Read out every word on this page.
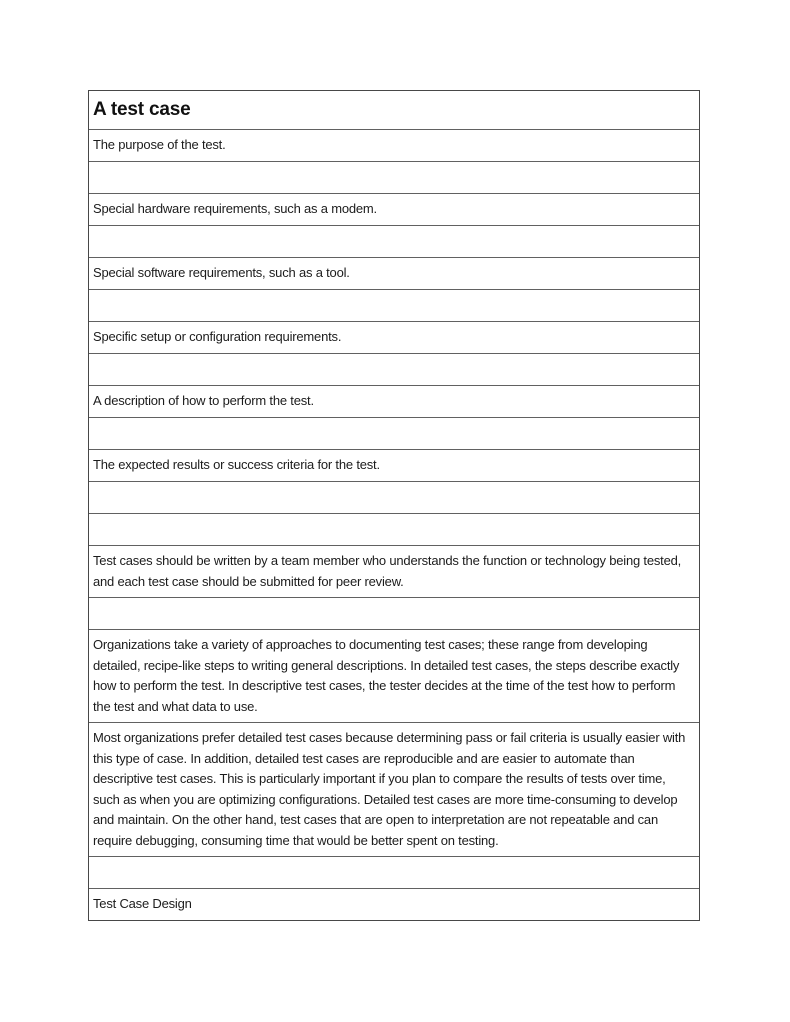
A test case
The purpose of the test.
Special hardware requirements, such as a modem.
Special software requirements, such as a tool.
Specific setup or configuration requirements.
A description of how to perform the test.
The expected results or success criteria for the test.
Test cases should be written by a team member who understands the function or technology being tested, and each test case should be submitted for peer review.
Organizations take a variety of approaches to documenting test cases; these range from developing detailed, recipe-like steps to writing general descriptions. In detailed test cases, the steps describe exactly how to perform the test. In descriptive test cases, the tester decides at the time of the test how to perform the test and what data to use.
Most organizations prefer detailed test cases because determining pass or fail criteria is usually easier with this type of case. In addition, detailed test cases are reproducible and are easier to automate than descriptive test cases. This is particularly important if you plan to compare the results of tests over time, such as when you are optimizing configurations. Detailed test cases are more time-consuming to develop and maintain. On the other hand, test cases that are open to interpretation are not repeatable and can require debugging, consuming time that would be better spent on testing.
Test Case Design
